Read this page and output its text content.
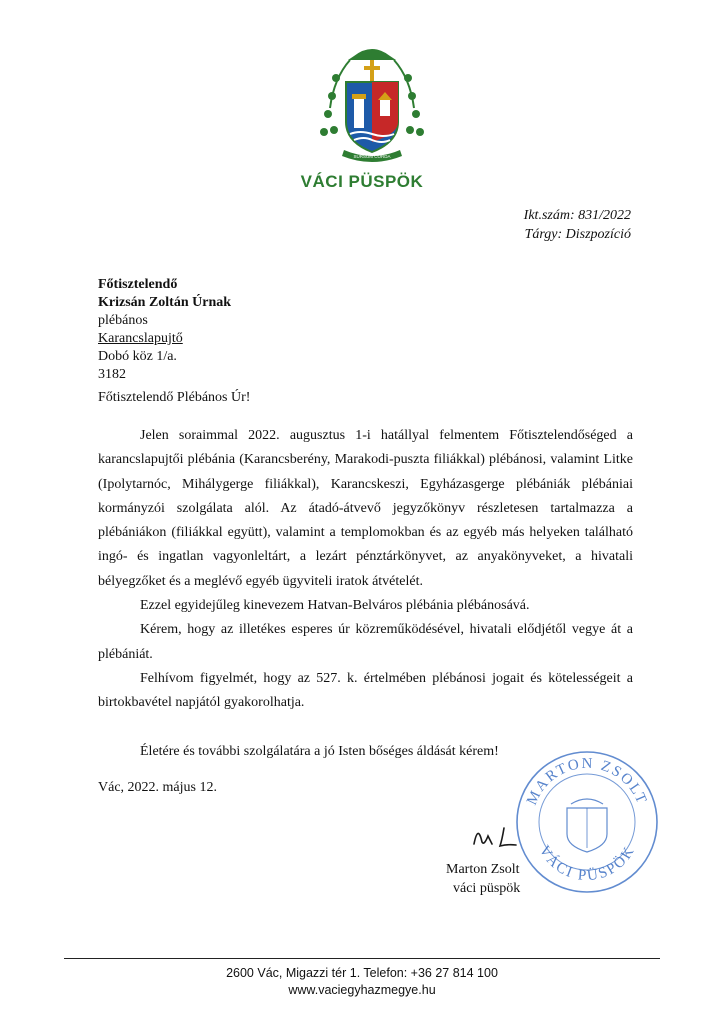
SURSUM CORDA
VÁCI PÜSPÖK
Ikt.szám: 831/2022
Tárgy: Diszpozíció
Főtisztelendő
Krizsán Zoltán Úrnak
plébános
Karancslapujtő
Dobó köz 1/a.
3182
Főtisztelendő Plébános Úr!

Jelen soraimmal 2022. augusztus 1-i hatállyal felmentem Főtisztelendőséged a karancslapujtői plébánia (Karancsberény, Marakodi-puszta filiákkal) plébánosi, valamint Litke (Ipolytarnóc, Mihálygerge filiákkal), Karancskeszi, Egyházasgerge plébániák plébániai kormányzói szolgálata alól. Az átadó-átvevő jegyzőkönyv részletesen tartalmazza a plébániákon (filiákkal együtt), valamint a templomokban és az egyéb más helyeken található ingó- és ingatlan vagyonleltárt, a lezárt pénztárkönyvet, az anyakönyveket, a hivatali bélyegzőket és a meglévő egyéb ügyviteli iratok átvételét.

Ezzel egyidejűleg kinevezem Hatvan-Belváros plébánia plébánosává.

Kérem, hogy az illetékes esperes úr közreműködésével, hivatali elődjétől vegye át a plébániát.

Felhívom figyelmét, hogy az 527. k. értelmében plébánosi jogait és kötelességeit a birtokbavétel napjától gyakorolhatja.

Életére és további szolgálatára a jó Isten bőséges áldását kérem!
Vác, 2022. május 12.	MARTON ZSOLT
VÁCI PÜSPÖK
Marton Zsolt
váci püspök
2600 Vác, Migazzi tér 1. Telefon: +36 27 814 100
www.vaciegyhazmegye.hu
